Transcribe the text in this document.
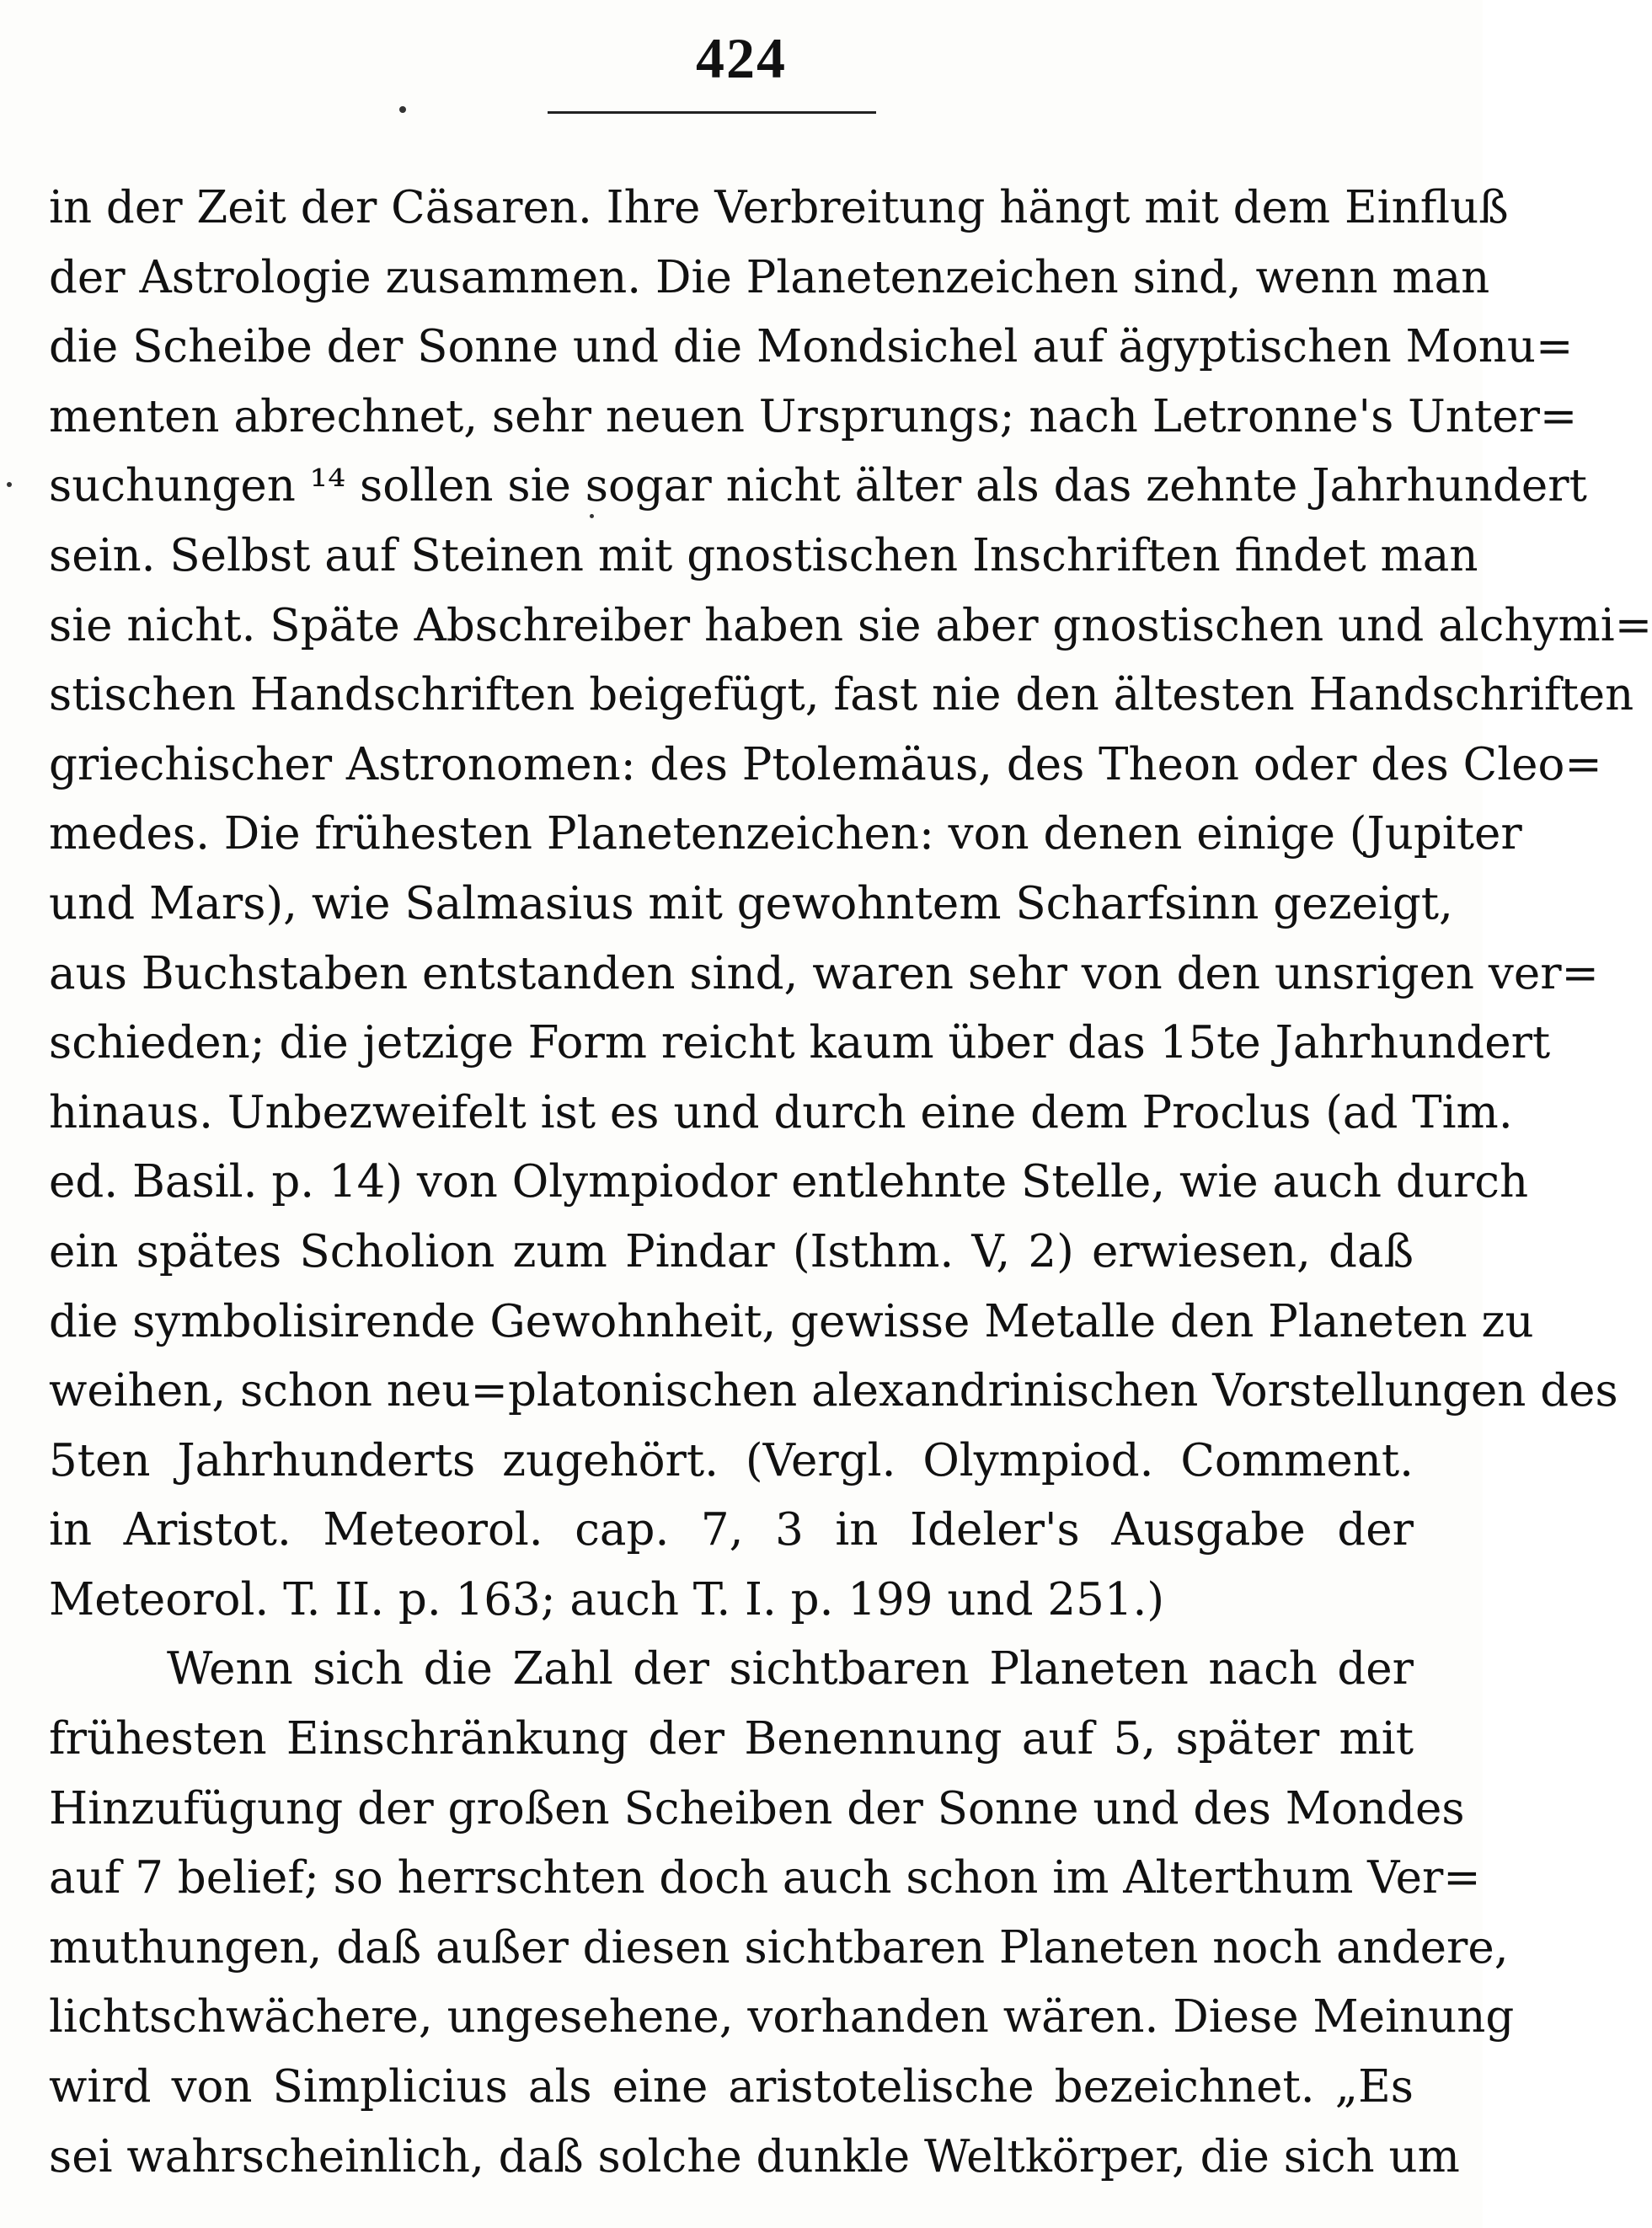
424
in der Zeit der Cäsaren. Ihre Verbreitung hängt mit dem Einfluß
der Astrologie zusammen. Die Planetenzeichen sind, wenn man
die Scheibe der Sonne und die Mondsichel auf ägyptischen Monu=
menten abrechnet, sehr neuen Ursprungs; nach Letronne's Unter=
suchungen ¹⁴ sollen sie sogar nicht älter als das zehnte Jahrhundert
sein. Selbst auf Steinen mit gnostischen Inschriften findet man
sie nicht. Späte Abschreiber haben sie aber gnostischen und alchymi=
stischen Handschriften beigefügt, fast nie den ältesten Handschriften
griechischer Astronomen: des Ptolemäus, des Theon oder des Cleo=
medes. Die frühesten Planetenzeichen: von denen einige (Jupiter
und Mars), wie Salmasius mit gewohntem Scharfsinn gezeigt,
aus Buchstaben entstanden sind, waren sehr von den unsrigen ver=
schieden; die jetzige Form reicht kaum über das 15te Jahrhundert
hinaus. Unbezweifelt ist es und durch eine dem Proclus (ad Tim.
ed. Basil. p. 14) von Olympiodor entlehnte Stelle, wie auch durch
ein spätes Scholion zum Pindar (Isthm. V, 2) erwiesen, daß
die symbolisirende Gewohnheit, gewisse Metalle den Planeten zu
weihen, schon neu=platonischen alexandrinischen Vorstellungen des
5ten Jahrhunderts zugehört. (Vergl. Olympiod. Comment.
in Aristot. Meteorol. cap. 7, 3 in Ideler's Ausgabe der
Meteorol. T. II. p. 163; auch T. I. p. 199 und 251.)
Wenn sich die Zahl der sichtbaren Planeten nach der
frühesten Einschränkung der Benennung auf 5, später mit
Hinzufügung der großen Scheiben der Sonne und des Mondes
auf 7 belief; so herrschten doch auch schon im Alterthum Ver=
muthungen, daß außer diesen sichtbaren Planeten noch andere,
lichtschwächere, ungesehene, vorhanden wären. Diese Meinung
wird von Simplicius als eine aristotelische bezeichnet. „Es
sei wahrscheinlich, daß solche dunkle Weltkörper, die sich um
